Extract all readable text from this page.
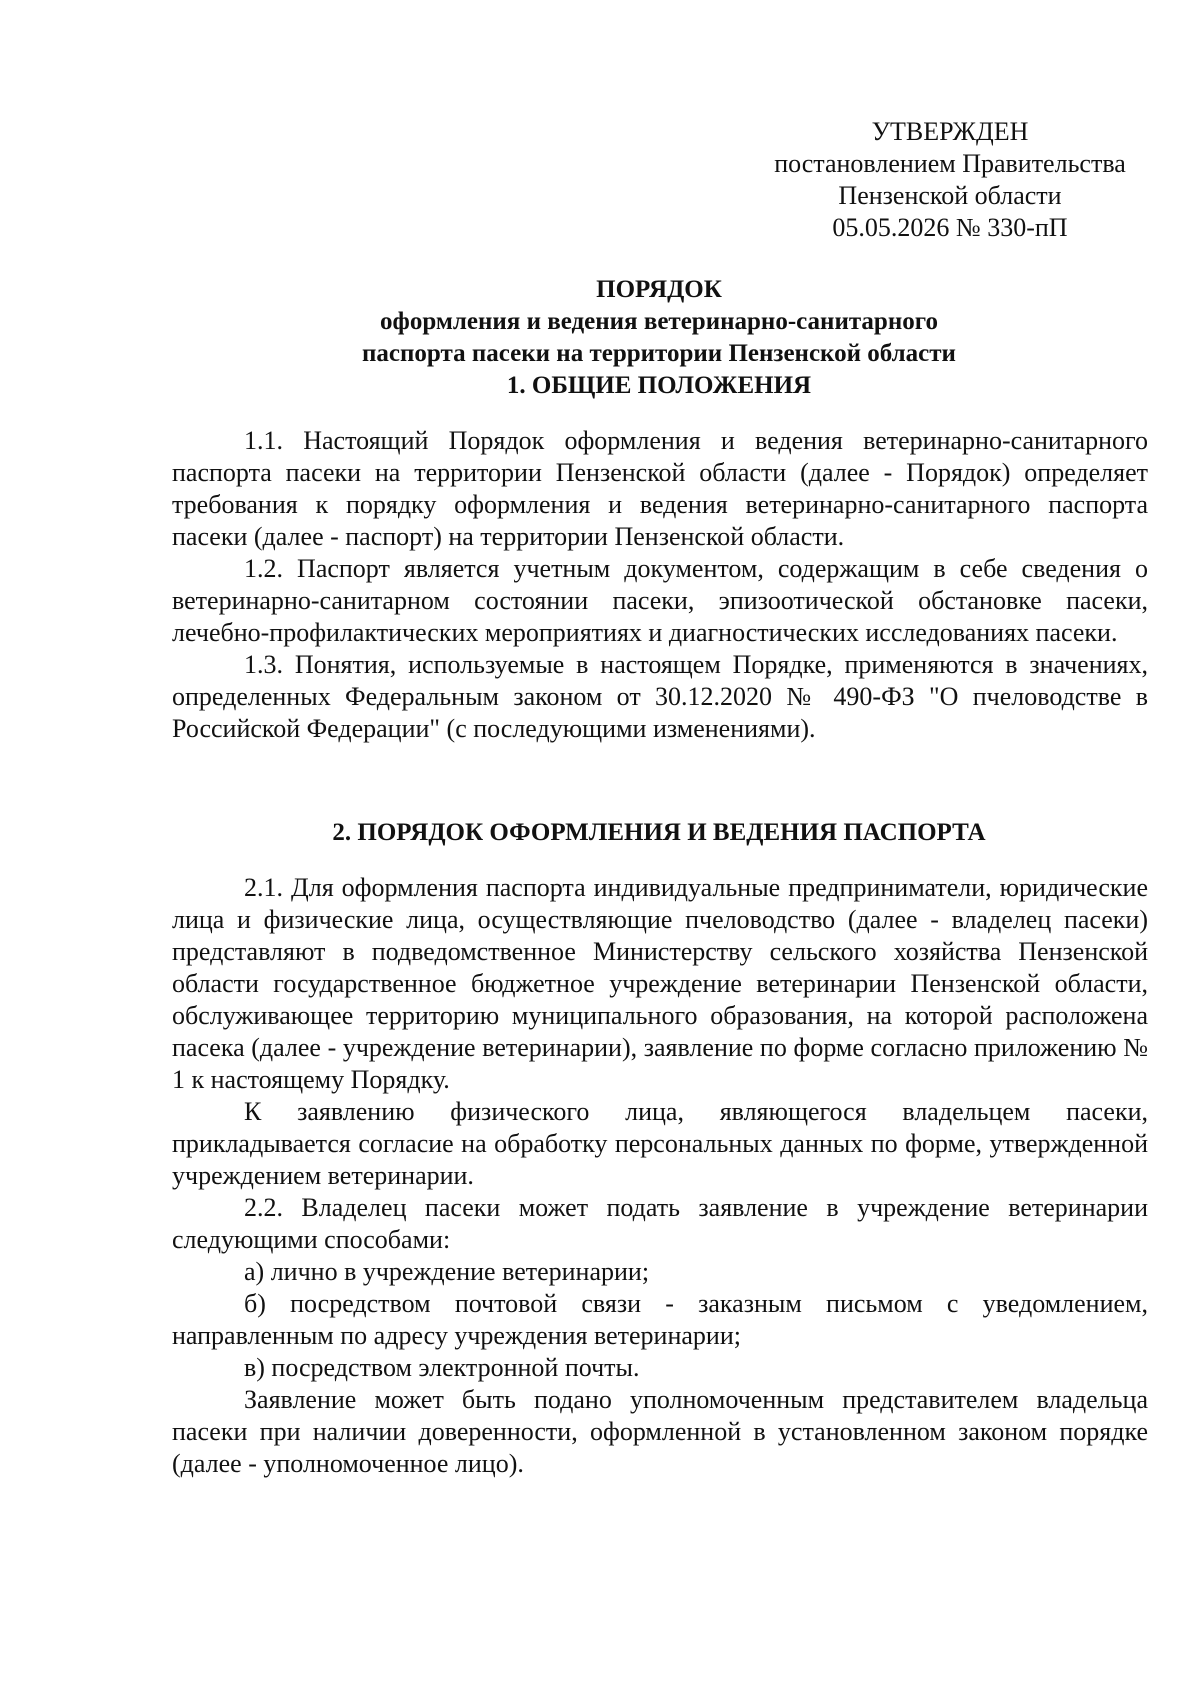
УТВЕРЖДЕН
постановлением Правительства
Пензенской области
05.05.2026 № 330-пП
ПОРЯДОК
оформления и ведения ветеринарно-санитарного
паспорта пасеки на территории Пензенской области
1. ОБЩИЕ ПОЛОЖЕНИЯ

1.1. Настоящий Порядок оформления и ведения ветеринарно-санитарного паспорта пасеки на территории Пензенской области (далее - Порядок) определяет требования к порядку оформления и ведения ветеринарно-санитарного паспорта пасеки (далее - паспорт) на территории Пензенской области.

1.2. Паспорт является учетным документом, содержащим в себе сведения о ветеринарно-санитарном состоянии пасеки, эпизоотической обстановке пасеки, лечебно-профилактических мероприятиях и диагностических исследованиях пасеки.

1.3. Понятия, используемые в настоящем Порядке, применяются в значениях, определенных Федеральным законом от 30.12.2020 № 490-ФЗ "О пчеловодстве в Российской Федерации" (с последующими изменениями).

2. ПОРЯДОК ОФОРМЛЕНИЯ И ВЕДЕНИЯ ПАСПОРТА

2.1. Для оформления паспорта индивидуальные предприниматели, юридические лица и физические лица, осуществляющие пчеловодство (далее - владелец пасеки) представляют в подведомственное Министерству сельского хозяйства Пензенской области государственное бюджетное учреждение ветеринарии Пензенской области, обслуживающее территорию муниципального образования, на которой расположена пасека (далее - учреждение ветеринарии), заявление по форме согласно приложению № 1 к настоящему Порядку.

К заявлению физического лица, являющегося владельцем пасеки, прикладывается согласие на обработку персональных данных по форме, утвержденной учреждением ветеринарии.

2.2. Владелец пасеки может подать заявление в учреждение ветеринарии следующими способами:

а) лично в учреждение ветеринарии;

б) посредством почтовой связи - заказным письмом с уведомлением, направленным по адресу учреждения ветеринарии;

в) посредством электронной почты.

Заявление может быть подано уполномоченным представителем владельца пасеки при наличии доверенности, оформленной в установленном законом порядке (далее - уполномоченное лицо).
